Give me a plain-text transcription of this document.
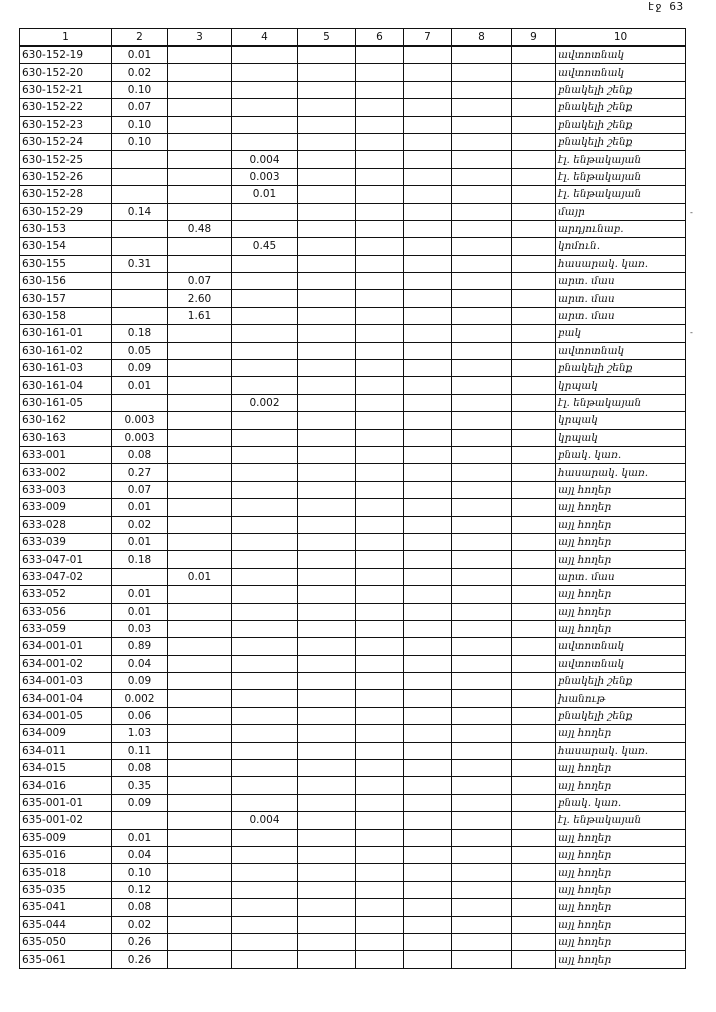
էջ 63
-
-
1	2	3	4	5	6	7	8	9	10
630-152-19	0.01								ավտոտնակ
630-152-20	0.02								ավտոտնակ
630-152-21	0.10								բնակելի շենք
630-152-22	0.07								բնակելի շենք
630-152-23	0.10								բնակելի շենք
630-152-24	0.10								բնակելի շենք
630-152-25			0.004						էլ. ենթակայան
630-152-26			0.003						էլ. ենթակայան
630-152-28			0.01						էլ. ենթակայան
630-152-29	0.14								մայր
630-153		0.48							արդյունաբ.
630-154			0.45						կոմուն.
630-155	0.31								հասարակ. կառ.
630-156		0.07							արտ. մաս
630-157		2.60							արտ. մաս
630-158		1.61							արտ. մաս
630-161-01	0.18								բակ
630-161-02	0.05								ավտոտնակ
630-161-03	0.09								բնակելի շենք
630-161-04	0.01								կրպակ
630-161-05			0.002						էլ. ենթակայան
630-162	0.003								կրպակ
630-163	0.003								կրպակ
633-001	0.08								բնակ. կառ.
633-002	0.27								հասարակ. կառ.
633-003	0.07								այլ հողեր
633-009	0.01								այլ հողեր
633-028	0.02								այլ հողեր
633-039	0.01								այլ հողեր
633-047-01	0.18								այլ հողեր
633-047-02		0.01							արտ. մաս
633-052	0.01								այլ հողեր
633-056	0.01								այլ հողեր
633-059	0.03								այլ հողեր
634-001-01	0.89								ավտոտնակ
634-001-02	0.04								ավտոտնակ
634-001-03	0.09								բնակելի շենք
634-001-04	0.002								խանութ
634-001-05	0.06								բնակելի շենք
634-009	1.03								այլ հողեր
634-011	0.11								հասարակ. կառ.
634-015	0.08								այլ հողեր
634-016	0.35								այլ հողեր
635-001-01	0.09								բնակ. կառ.
635-001-02			0.004						էլ. ենթակայան
635-009	0.01								այլ հողեր
635-016	0.04								այլ հողեր
635-018	0.10								այլ հողեր
635-035	0.12								այլ հողեր
635-041	0.08								այլ հողեր
635-044	0.02								այլ հողեր
635-050	0.26								այլ հողեր
635-061	0.26								այլ հողեր
